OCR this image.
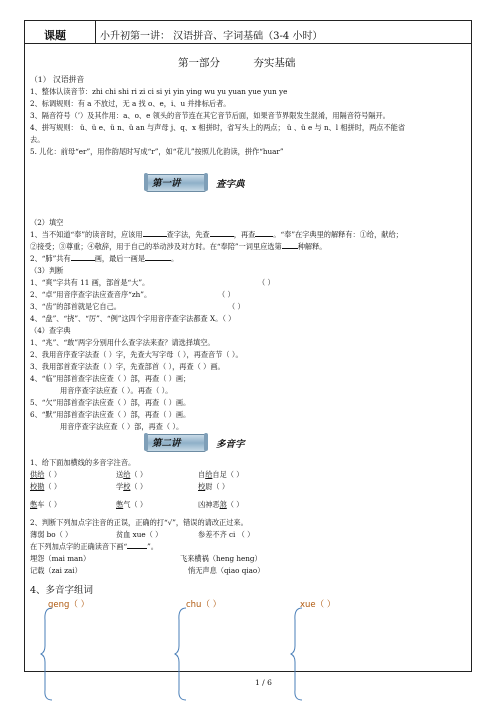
课题	小升初第一讲： 汉语拼音、字词基础（3-4 小时）
第一部分          夯实基础
（1） 汉语拼音
1、整体认读音节：zhi chi shi ri zi ci si yi yin ying wu yu yuan yue yun ye
2、标调规则：有 a 不放过，无 a 找 o、e，i、u 并排标后者。
3、隔音符号（’）及其作用：a、o、e 领头的音节连在其它音节后面，如果音节界限发生混淆，用隔音符号隔开。
4、拼写规则： ü、ü e、ü n、ü an 与声母 j、q、x 相拼时，省写头上的两点； ü 、ü e 与 n、l 相拼时，两点不能省
去。
5. 儿化：前母“er”，用作韵尾时写成“r”，如“花儿”按照儿化韵读，拼作“huar”
第一讲	查字典
（2）填空
1、当不知道“奉”的读音时，应该用	查字法，先查	，再查	。“奉”在字典里的解释有：①给，献给；
②接受；③尊重；④敬辞，用于自己的举动涉及对方时。在“奉陪”一词里应选第 种解释。
2、“肺”共有	画，最后一画是	。
（3）判断
1、“爽”字共有 11 画，部首是“大”。	（ ）
2、“卓”用音序查字法应查音序“zh”。	（ ）
3、“齿”的部首就是它自己。	（ ）
4、“盘”、“挠”、“厉”、“例”这四个字用音序查字法都查 X。（ ）
（4）查字典
1、“兆”、“敢”两字分别用什么查字法来查？请选择填空。
2、我用音序查字法查（ ）字，先查大写字母（ ），再查音节（ ）。
3、我用部首查字法查（ ）字，先查部首（ ），再查（ ）画。
4、“临”用部首查字法应查（ ）部，再查（ ）画；
用音序查字法应查（ ）。再查（ ）。
5、“欠”用部首查字法应查（ ）部，再查（ ）画。
6、“默”用部首查字法应查（ ）部，再查（ ）画。
用音序查字法应查（ ）部，再查（ ）。
第二讲	多音字
1、给下面加横线的多音字注音。
供给（ ）	送给（ ）	自给自足（ ）
校勘（ ）	学校（ ）	校尉（ ）
憋车（ ）	憋气（ ）	凶神恶煞（ ）
2、判断下列加点字注音的正误，正确的打“√”，错误的请改正过来。
薄弱 bo（ ）	贫血 xue（ ）	参差不齐 ci （ ）
在下列加点字的正确读音下画“	”。
埋怨（mai man）	飞来横祸（heng heng）
记载（zai zai）	悄无声息（qiao qiao）
4、多音字组词
geng（ ）	chu（ ）	xue（ ）
1 / 6
